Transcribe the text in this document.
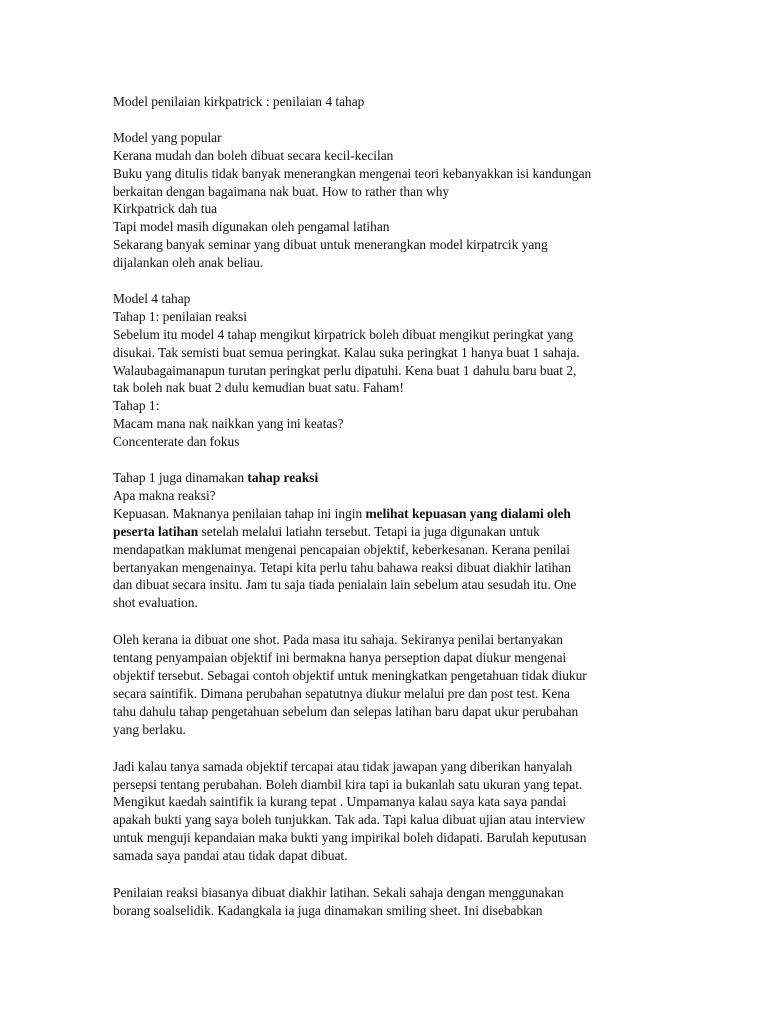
Model penilaian kirkpatrick : penilaian 4 tahap
Model yang popular
Kerana mudah dan boleh dibuat secara kecil-kecilan
Buku yang ditulis tidak banyak menerangkan mengenai teori kebanyakkan isi kandungan
berkaitan dengan bagaimana nak buat. How to rather than why
Kirkpatrick dah tua
Tapi model masih digunakan oleh pengamal latihan
Sekarang banyak seminar yang dibuat untuk menerangkan model kirpatrcik yang
dijalankan oleh anak beliau.
Model 4 tahap
Tahap 1: penilaian reaksi
Sebelum itu model 4 tahap mengikut kirpatrick boleh dibuat mengikut peringkat yang
disukai. Tak semisti buat semua peringkat. Kalau suka peringkat 1 hanya buat 1 sahaja.
Walaubagaimanapun turutan peringkat perlu dipatuhi. Kena buat 1 dahulu baru buat 2,
tak boleh nak buat 2 dulu kemudian buat satu. Faham!
Tahap 1:
Macam mana nak naikkan yang ini keatas?
Concenterate dan fokus
Tahap 1 juga dinamakan tahap reaksi
Apa makna reaksi?
Kepuasan. Maknanya penilaian tahap ini ingin melihat kepuasan yang dialami oleh
peserta latihan setelah melalui latiahn tersebut. Tetapi ia juga digunakan untuk
mendapatkan maklumat mengenai pencapaian objektif, keberkesanan. Kerana penilai
bertanyakan mengenainya. Tetapi kita perlu tahu bahawa reaksi dibuat diakhir latihan
dan dibuat secara insitu. Jam tu saja tiada penialain lain sebelum atau sesudah itu. One
shot evaluation.
Oleh kerana ia dibuat one shot. Pada masa itu sahaja. Sekiranya penilai bertanyakan
tentang penyampaian objektif ini bermakna hanya perseption dapat diukur mengenai
objektif tersebut. Sebagai contoh objektif untuk meningkatkan pengetahuan tidak diukur
secara saintifik. Dimana perubahan sepatutnya diukur melalui pre dan post test. Kena
tahu dahulu tahap pengetahuan sebelum dan selepas latihan baru dapat ukur perubahan
yang berlaku.
Jadi kalau tanya samada objektif tercapai atau tidak jawapan yang diberikan hanyalah
persepsi tentang perubahan. Boleh diambil kira tapi ia bukanlah satu ukuran yang tepat.
Mengikut kaedah saintifik ia kurang tepat . Umpamanya kalau saya kata saya pandai
apakah bukti yang saya boleh tunjukkan. Tak ada. Tapi kalua dibuat ujian atau interview
untuk menguji kepandaian maka bukti yang impirikal boleh didapati. Barulah keputusan
samada saya pandai atau tidak dapat dibuat.
Penilaian reaksi biasanya dibuat diakhir latihan. Sekali sahaja dengan menggunakan
borang soalselidik. Kadangkala ia juga dinamakan smiling sheet. Ini disebabkan
